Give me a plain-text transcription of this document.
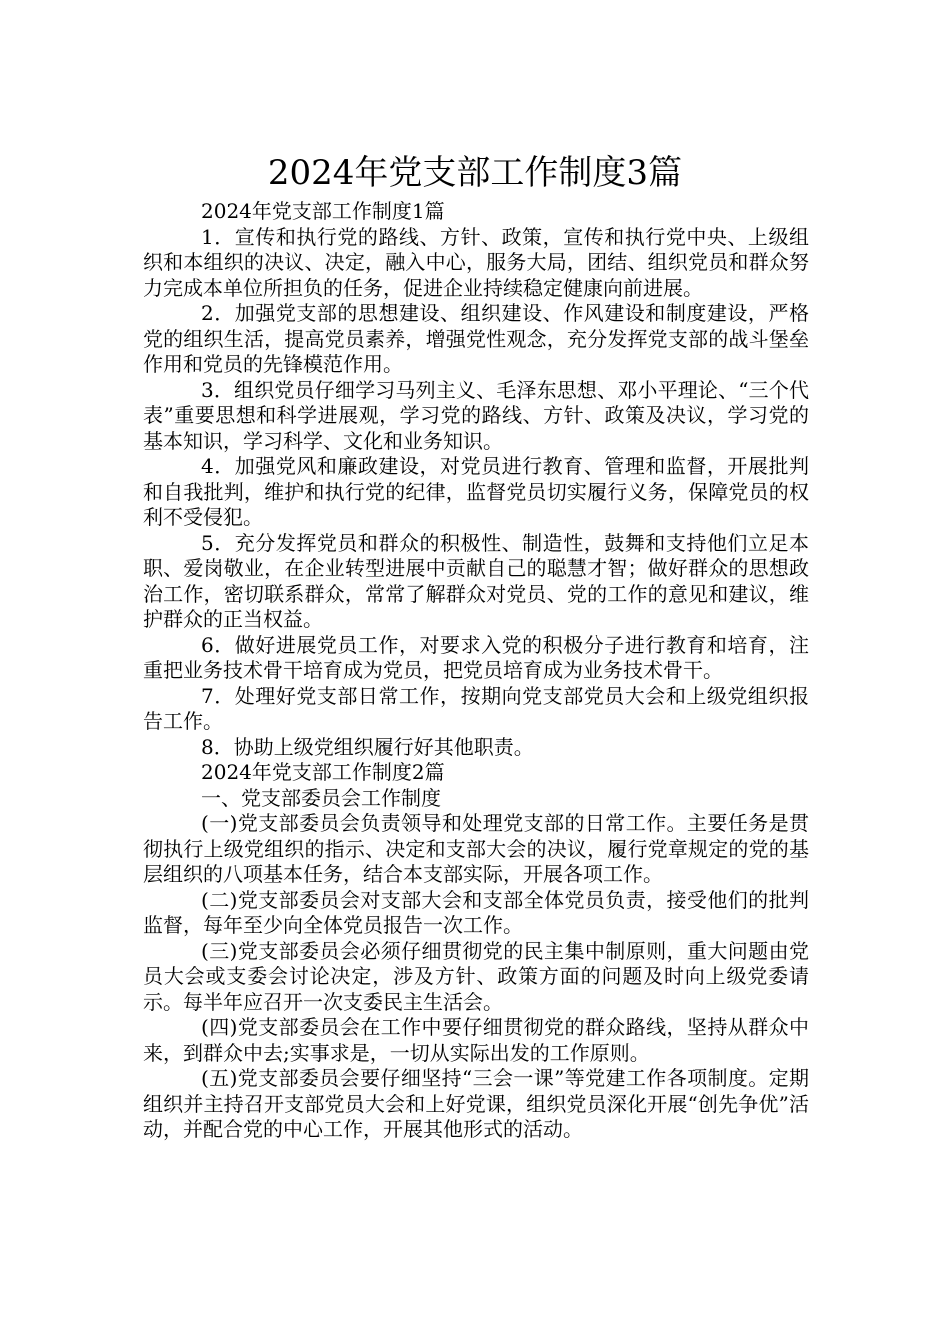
2024年党支部工作制度3篇

2024年党支部工作制度1篇

1．宣传和执行党的路线、方针、政策，宣传和执行党中央、上级组织和本组织的决议、决定，融入中心，服务大局，团结、组织党员和群众努力完成本单位所担负的任务，促进企业持续稳定健康向前进展。

2．加强党支部的思想建设、组织建设、作风建设和制度建设，严格党的组织生活，提高党员素养，增强党性观念，充分发挥党支部的战斗堡垒作用和党员的先锋模范作用。

3．组织党员仔细学习马列主义、毛泽东思想、邓小平理论、“三个代表”重要思想和科学进展观，学习党的路线、方针、政策及决议，学习党的基本知识，学习科学、文化和业务知识。

4．加强党风和廉政建设，对党员进行教育、管理和监督，开展批判和自我批判，维护和执行党的纪律，监督党员切实履行义务，保障党员的权利不受侵犯。

5．充分发挥党员和群众的积极性、制造性，鼓舞和支持他们立足本职、爱岗敬业，在企业转型进展中贡献自己的聪慧才智；做好群众的思想政治工作，密切联系群众，常常了解群众对党员、党的工作的意见和建议，维护群众的正当权益。

6．做好进展党员工作，对要求入党的积极分子进行教育和培育，注重把业务技术骨干培育成为党员，把党员培育成为业务技术骨干。

7．处理好党支部日常工作，按期向党支部党员大会和上级党组织报告工作。

8．协助上级党组织履行好其他职责。

2024年党支部工作制度2篇

一、党支部委员会工作制度

(一)党支部委员会负责领导和处理党支部的日常工作。主要任务是贯彻执行上级党组织的指示、决定和支部大会的决议，履行党章规定的党的基层组织的八项基本任务，结合本支部实际，开展各项工作。

(二)党支部委员会对支部大会和支部全体党员负责，接受他们的批判监督，每年至少向全体党员报告一次工作。

(三)党支部委员会必须仔细贯彻党的民主集中制原则，重大问题由党员大会或支委会讨论决定，涉及方针、政策方面的问题及时向上级党委请示。每半年应召开一次支委民主生活会。

(四)党支部委员会在工作中要仔细贯彻党的群众路线，坚持从群众中来，到群众中去;实事求是，一切从实际出发的工作原则。

(五)党支部委员会要仔细坚持“三会一课”等党建工作各项制度。定期组织并主持召开支部党员大会和上好党课，组织党员深化开展“创先争优”活动，并配合党的中心工作，开展其他形式的活动。
